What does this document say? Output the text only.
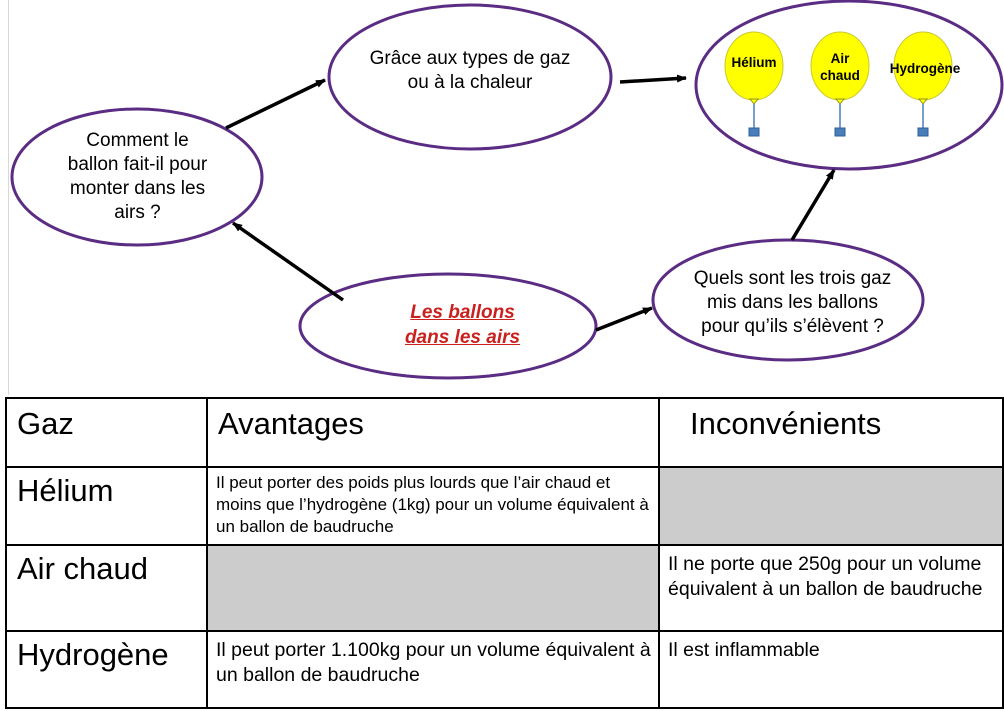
Comment le
ballon fait-il pour
monter dans les
airs ?
Grâce aux types de gaz
ou à la chaleur
Les ballons
dans les airs
Quels sont les trois gaz
mis dans les ballons
pour qu’ils s’élèvent ?
Hélium	Air
chaud	Hydrogène
Gaz	Avantages	Inconvénients
Hélium	Il peut porter des poids plus lourds que l’air chaud et moins que l’hydrogène (1kg) pour un volume équivalent à un ballon de baudruche	
Air chaud		Il ne porte que 250g pour un volume équivalent à un ballon de baudruche
Hydrogène	Il peut porter 1.100kg pour un volume équivalent à un ballon de baudruche	Il est inflammable
